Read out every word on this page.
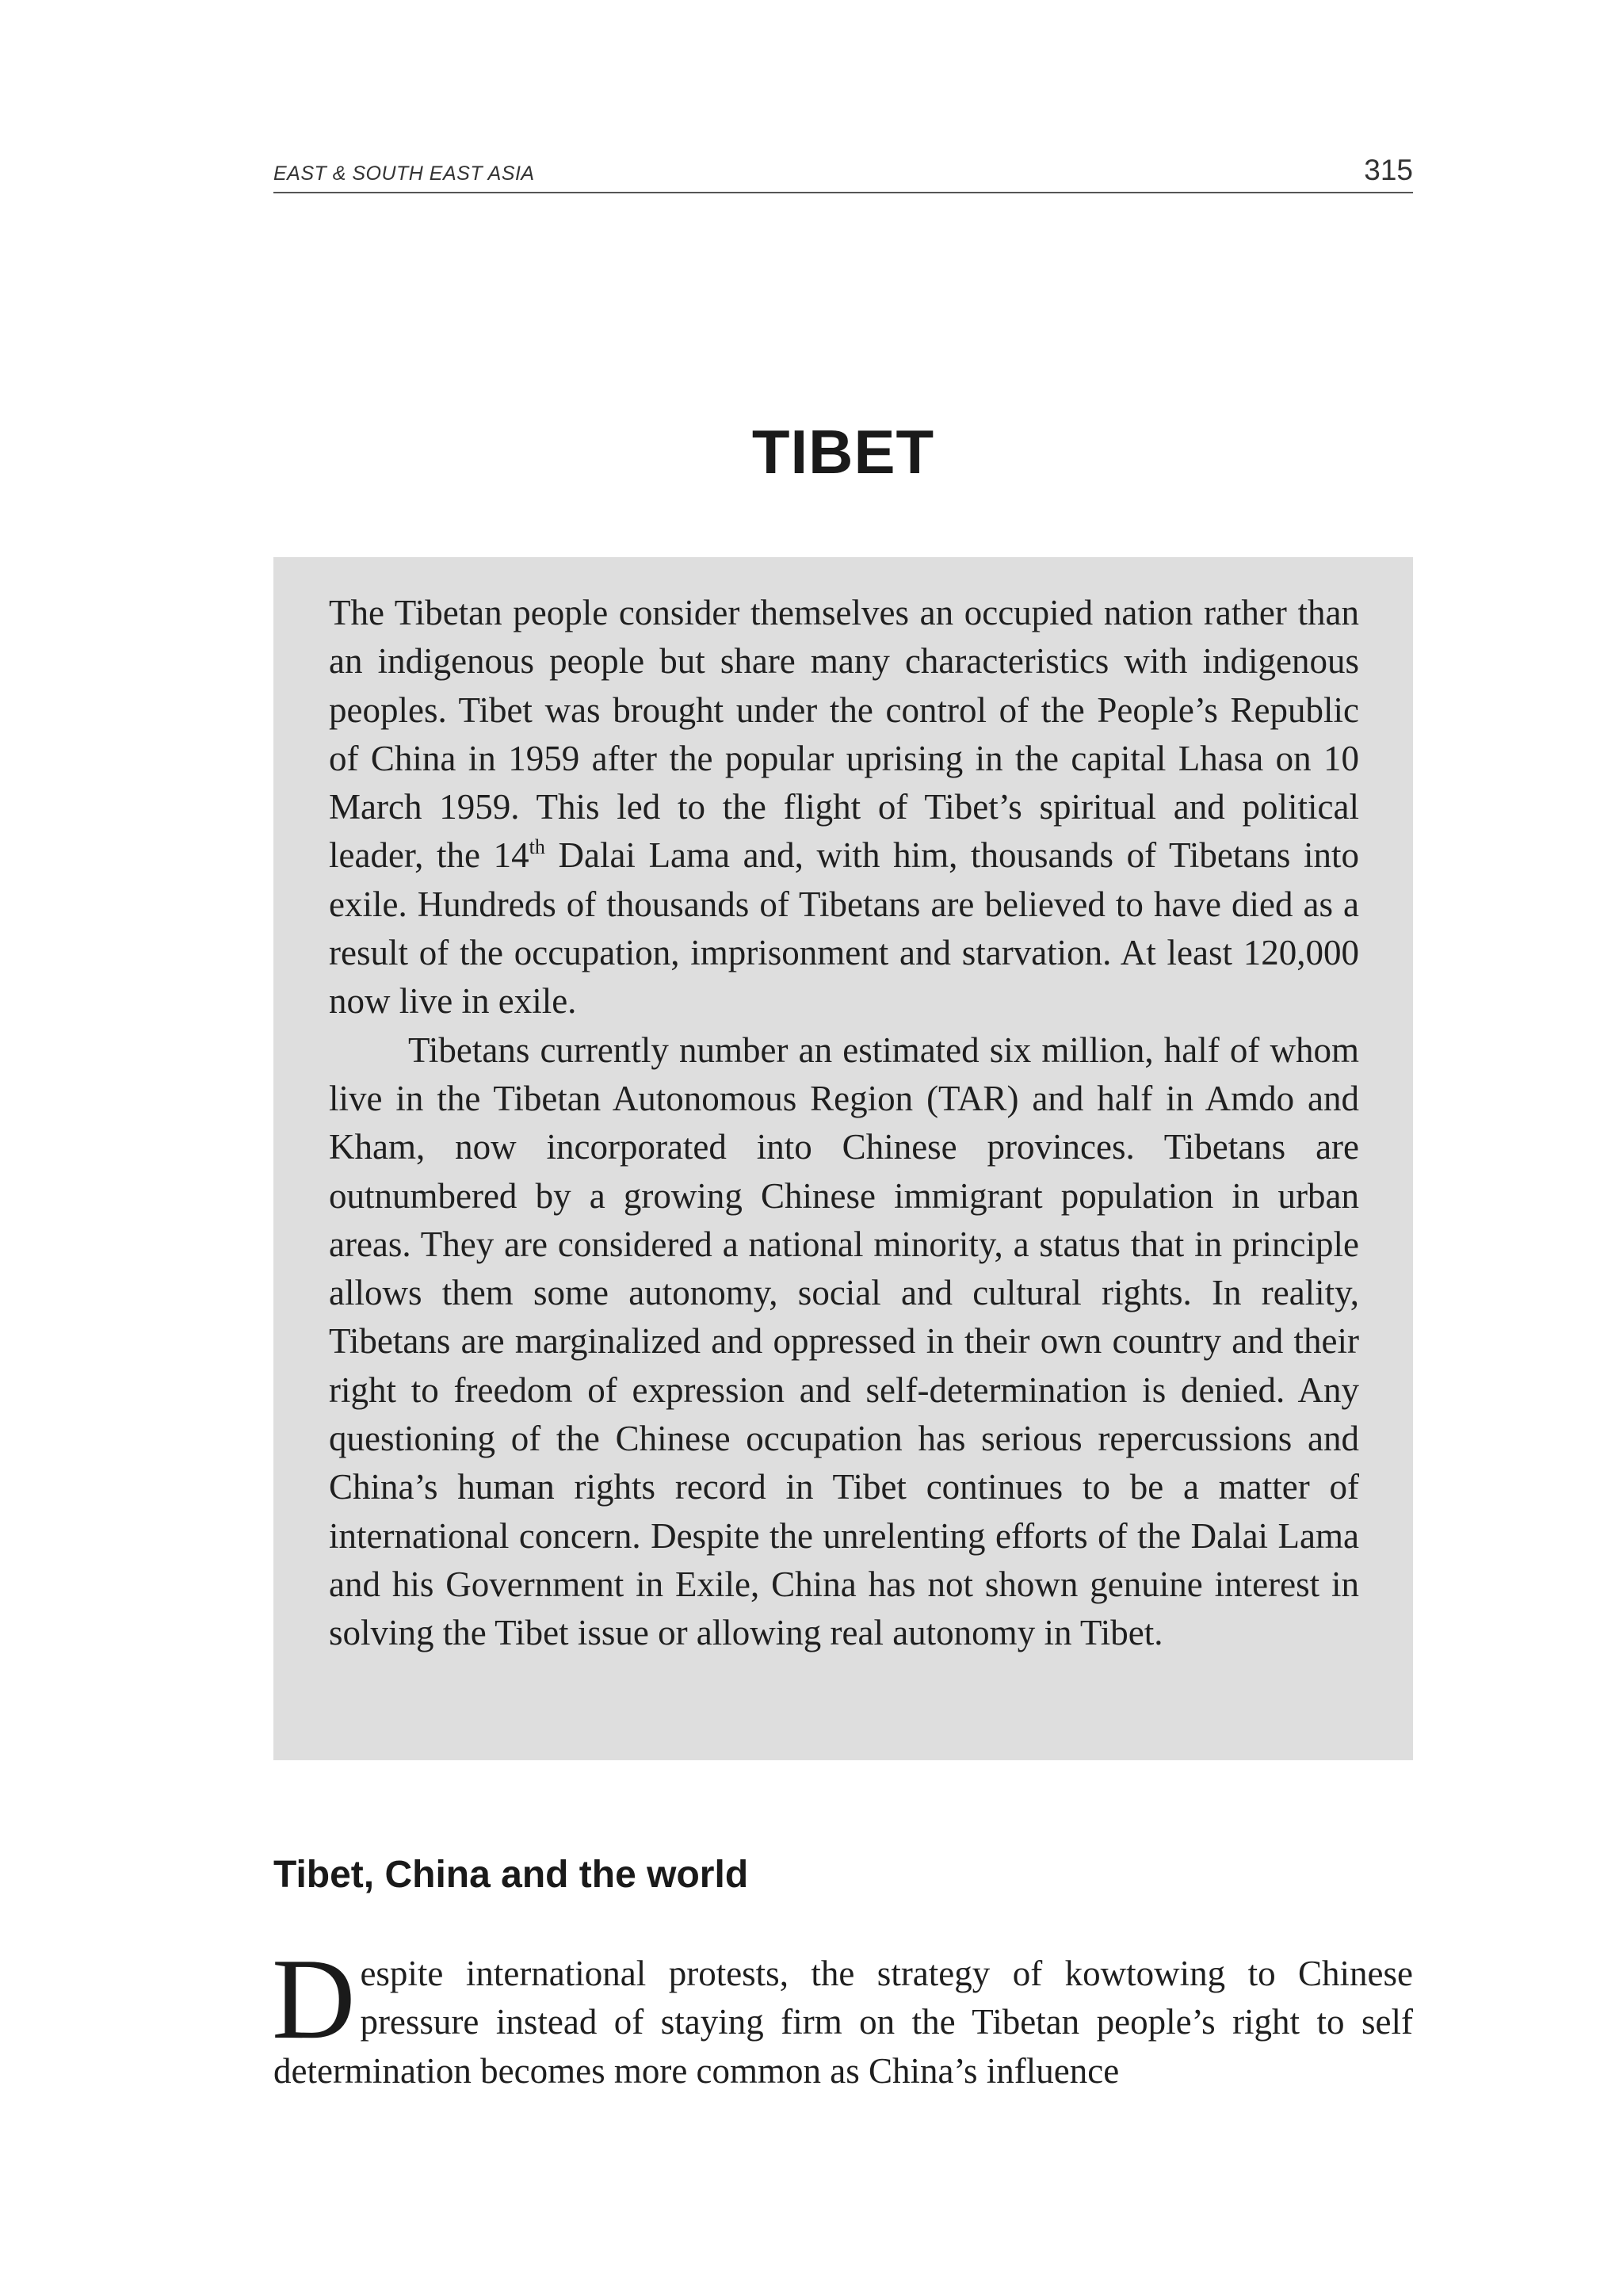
EAST & SOUTH EAST ASIA	315
TIBET

The Tibetan people consider themselves an occupied nation rather than an indigenous people but share many characteristics with indigenous peoples. Tibet was brought under the control of the People’s Republic of China in 1959 after the popular uprising in the capital Lhasa on 10 March 1959. This led to the flight of Tibet’s spiritual and political leader, the 14th Dalai Lama and, with him, thousands of Tibetans into exile. Hundreds of thousands of Tibetans are believed to have died as a result of the occupation, imprisonment and starvation. At least 120,000 now live in exile.

Tibetans currently number an estimated six million, half of whom live in the Tibetan Autonomous Region (TAR) and half in Amdo and Kham, now incorporated into Chinese provinces. Tibetans are outnumbered by a growing Chinese immigrant population in urban areas. They are considered a national minority, a status that in principle allows them some autonomy, social and cultural rights. In reality, Tibetans are marginalized and oppressed in their own country and their right to freedom of expression and self-determination is denied. Any questioning of the Chinese occupation has serious repercussions and China’s human rights record in Tibet continues to be a matter of international concern. Despite the unrelenting efforts of the Dalai Lama and his Government in Exile, China has not shown genuine interest in solving the Tibet issue or allowing real autonomy in Tibet.

Tibet, China and the world

Despite international protests, the strategy of kowtowing to Chinese pressure instead of staying firm on the Tibetan people’s right to self determination becomes more common as China’s influence
